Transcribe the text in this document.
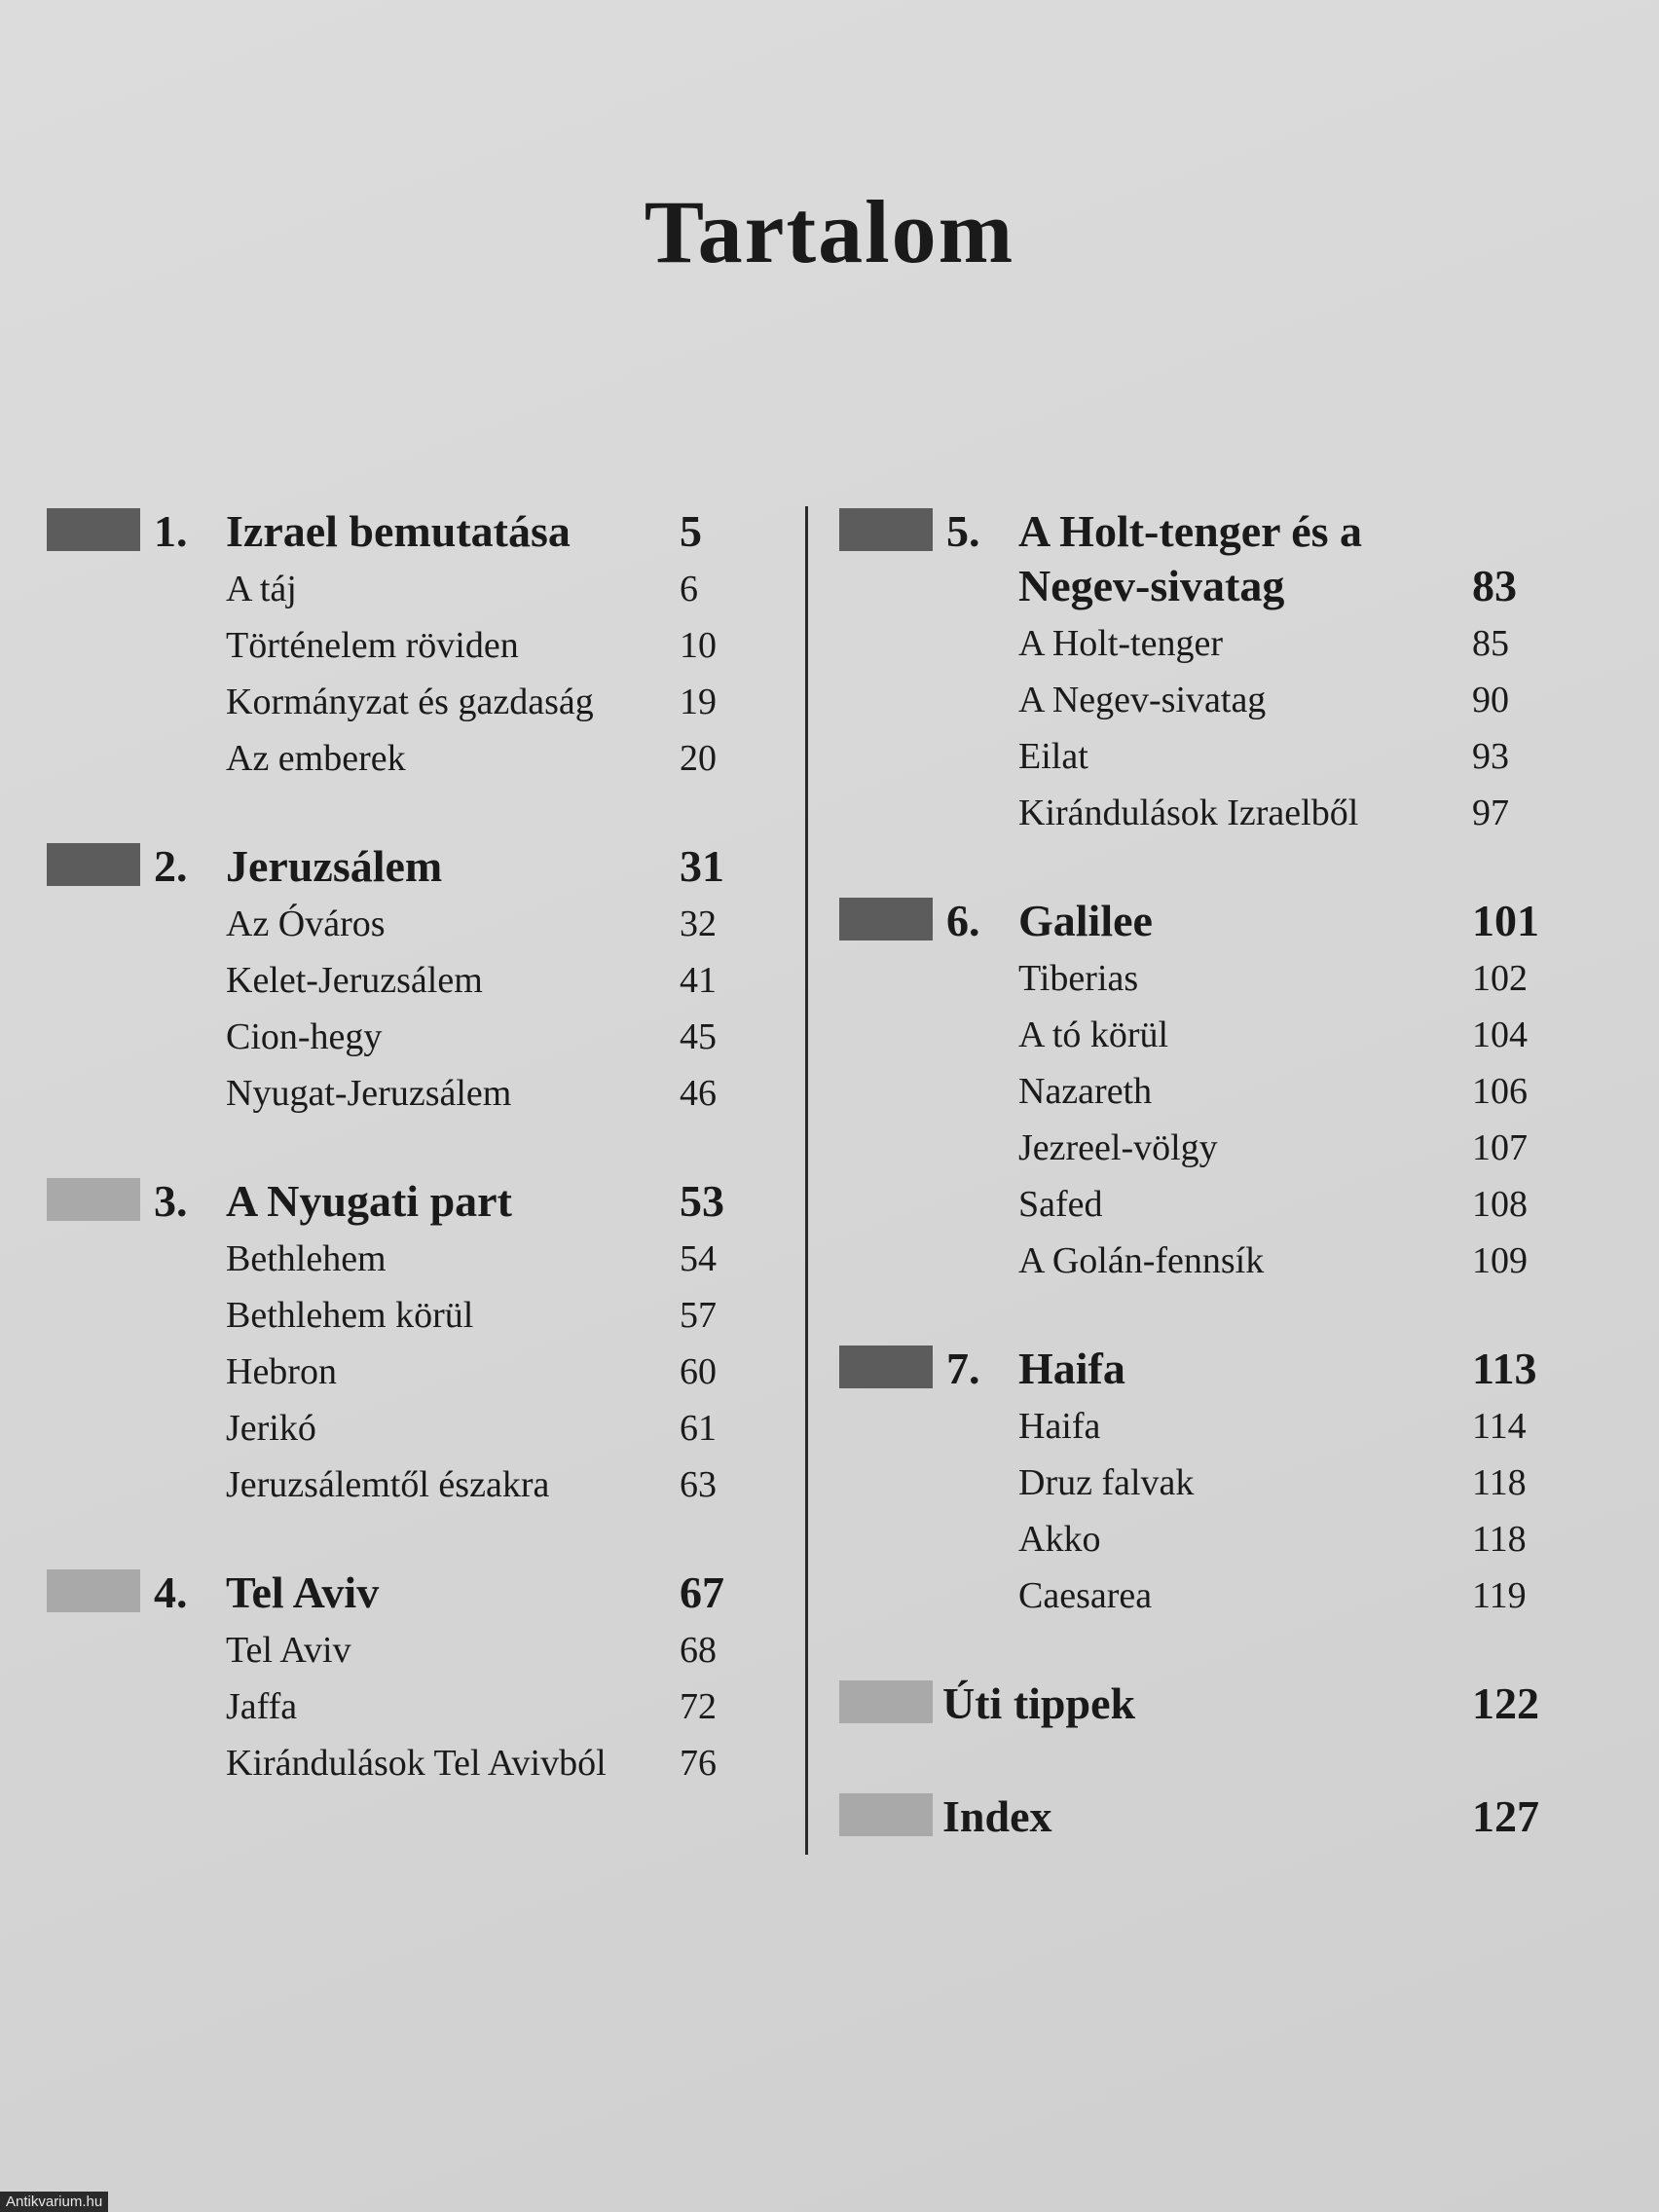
Tartalom
1. Izrael bemutatása	5
A táj	6
Történelem röviden	10
Kormányzat és gazdaság	19
Az emberek	20
2. Jeruzsálem	31
Az Óváros	32
Kelet-Jeruzsálem	41
Cion-hegy	45
Nyugat-Jeruzsálem	46
3. A Nyugati part	53
Bethlehem	54
Bethlehem körül	57
Hebron	60
Jerikó	61
Jeruzsálemtől északra	63
4. Tel Aviv	67
Tel Aviv	68
Jaffa	72
Kirándulások Tel Avivból	76
5. A Holt-tenger és a
Negev-sivatag	83
A Holt-tenger	85
A Negev-sivatag	90
Eilat	93
Kirándulások Izraelből	97
6. Galilee	101
Tiberias	102
A tó körül	104
Nazareth	106
Jezreel-völgy	107
Safed	108
A Golán-fennsík	109
7. Haifa	113
Haifa	114
Druz falvak	118
Akko	118
Caesarea	119
Úti tippek	122
Index	127
Antikvarium.hu
